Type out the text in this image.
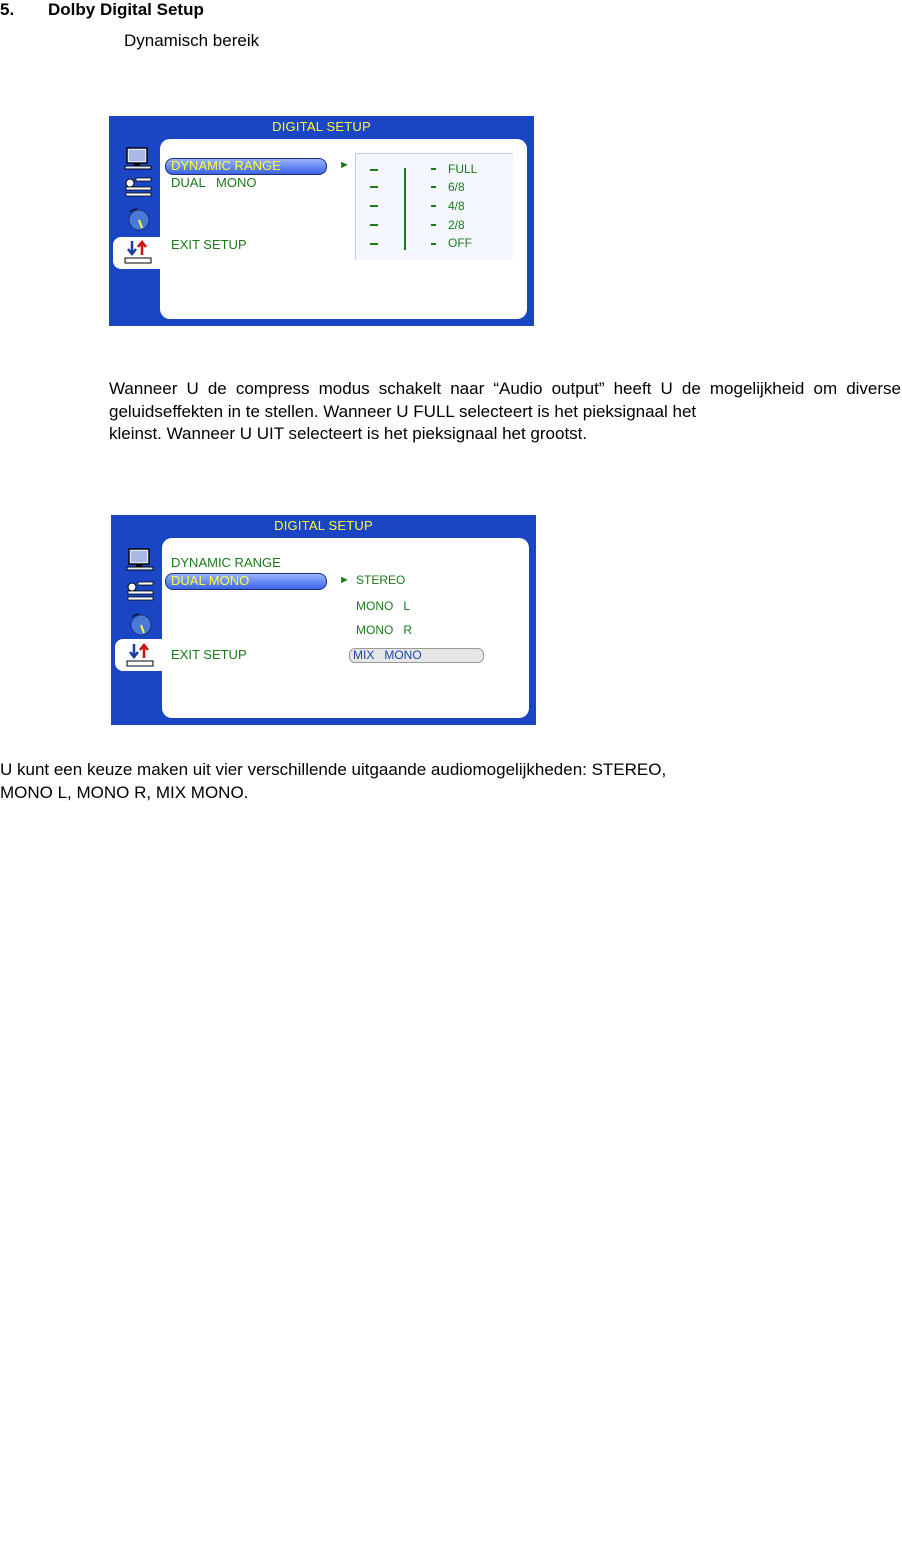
5. Dolby Digital Setup
Dynamisch bereik
DIGITAL SETUP
DYNAMIC RANGE
DUAL   MONO
EXIT SETUP
►	FULL
6/8
4/8
2/8
OFF
Wanneer U de compress modus schakelt naar “Audio output” heeft U de mogelijkheid om diverse geluidseffekten in te stellen. Wanneer U FULL selecteert is het pieksignaal het
kleinst. Wanneer U UIT selecteert is het pieksignaal het grootst.
DIGITAL SETUP
DYNAMIC RANGE
DUAL MONO
EXIT SETUP
► STEREO
MONO   L
MONO   R
MIX   MONO
U kunt een keuze maken uit vier verschillende uitgaande audiomogelijkheden: STEREO,
MONO L, MONO R, MIX MONO.
